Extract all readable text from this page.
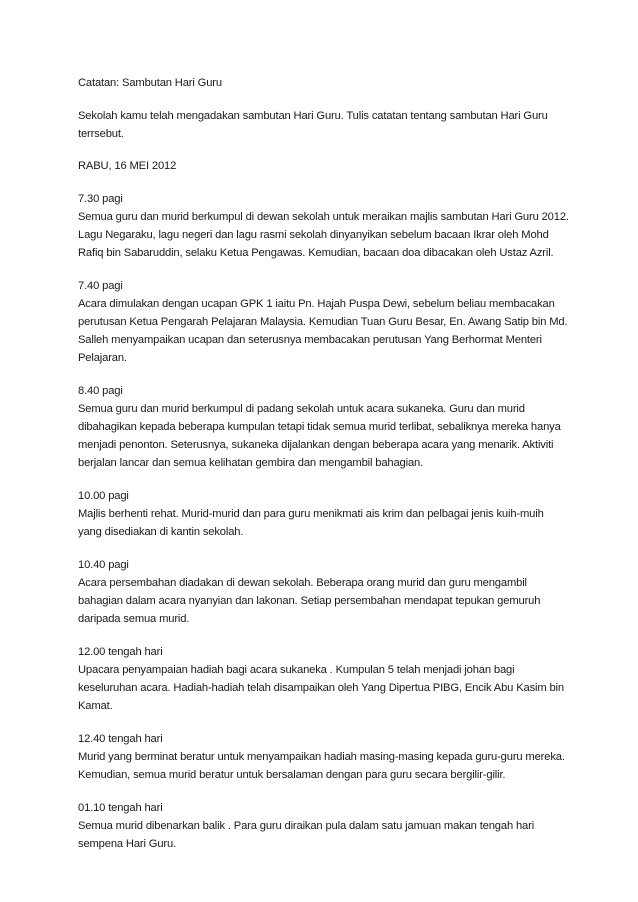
Catatan: Sambutan Hari Guru

Sekolah kamu telah mengadakan sambutan Hari Guru. Tulis catatan tentang sambutan Hari Guru terrsebut.

RABU, 16 MEI 2012

7.30 pagi
Semua guru dan murid berkumpul di dewan sekolah untuk meraikan majlis sambutan Hari Guru 2012. Lagu Negaraku, lagu negeri dan lagu rasmi sekolah dinyanyikan sebelum bacaan Ikrar oleh Mohd Rafiq bin Sabaruddin, selaku Ketua Pengawas. Kemudian, bacaan doa dibacakan oleh Ustaz Azril.
7.40 pagi
Acara dimulakan dengan ucapan GPK 1 iaitu Pn. Hajah Puspa Dewi, sebelum beliau membacakan perutusan Ketua Pengarah Pelajaran Malaysia. Kemudian Tuan Guru Besar, En. Awang Satip bin Md. Salleh menyampaikan ucapan dan seterusnya membacakan perutusan Yang Berhormat Menteri Pelajaran.
8.40 pagi
Semua guru dan murid berkumpul di padang sekolah untuk acara sukaneka. Guru dan murid dibahagikan kepada beberapa kumpulan tetapi tidak semua murid terlibat, sebaliknya mereka hanya menjadi penonton. Seterusnya, sukaneka dijalankan dengan beberapa acara yang menarik. Aktiviti berjalan lancar dan semua kelihatan gembira dan mengambil bahagian.
10.00 pagi
Majlis berhenti rehat. Murid-murid dan para guru menikmati ais krim dan pelbagai jenis kuih-muih yang disediakan di kantin sekolah.
10.40 pagi
Acara persembahan diadakan di dewan sekolah. Beberapa orang murid dan guru mengambil bahagian dalam acara nyanyian dan lakonan. Setiap persembahan mendapat tepukan gemuruh daripada semua murid.
12.00 tengah hari
Upacara penyampaian hadiah bagi acara sukaneka . Kumpulan 5 telah menjadi johan bagi keseluruhan acara. Hadiah-hadiah telah disampaikan oleh Yang Dipertua PIBG, Encik Abu Kasim bin Kamat.
12.40 tengah hari
Murid yang berminat beratur untuk menyampaikan hadiah masing-masing kepada guru-guru mereka. Kemudian, semua murid beratur untuk bersalaman dengan para guru secara bergilir-gilir.
01.10 tengah hari
Semua murid dibenarkan balik . Para guru diraikan pula dalam satu jamuan makan tengah hari sempena Hari Guru.
